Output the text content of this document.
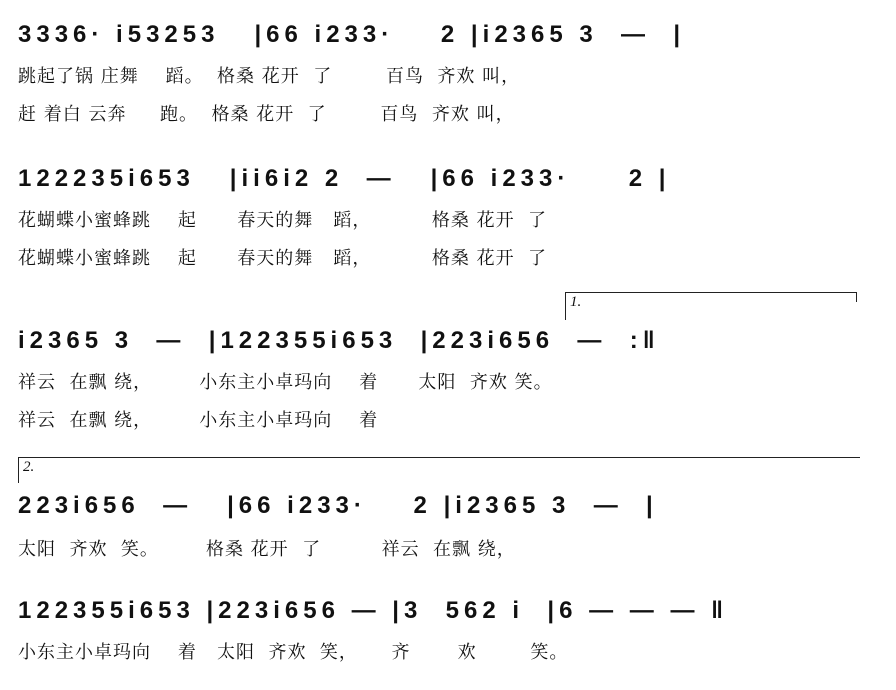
3336· i53253   |66 i233·    2 |i2365 3  —  |
跳起了锅 庄舞    蹈。  格桑 花开  了        百鸟  齐欢 叫，
赶 着白 云奔     跑。  格桑 花开  了        百鸟  齐欢 叫，
122235i653   |ii6i2 2  —   |66 i233·     2 |
花蝴蝶小蜜蜂跳    起      春天的舞   蹈，         格桑 花开  了
花蝴蝶小蜜蜂跳    起      春天的舞   蹈，         格桑 花开  了
1.
i2365 3  —  |122355i653  |223i656  —  :‖
祥云  在飘 绕，       小东主小卓玛向    着      太阳  齐欢 笑。
祥云  在飘 绕，       小东主小卓玛向    着
2.
223i656  —   |66 i233·    2 |i2365 3  —  |
太阳  齐欢  笑。       格桑 花开  了         祥云  在飘 绕，
122355i653 |223i656 — |3  562 i  |6 — — — ‖
小东主小卓玛向    着   太阳  齐欢  笑，     齐       欢        笑。
